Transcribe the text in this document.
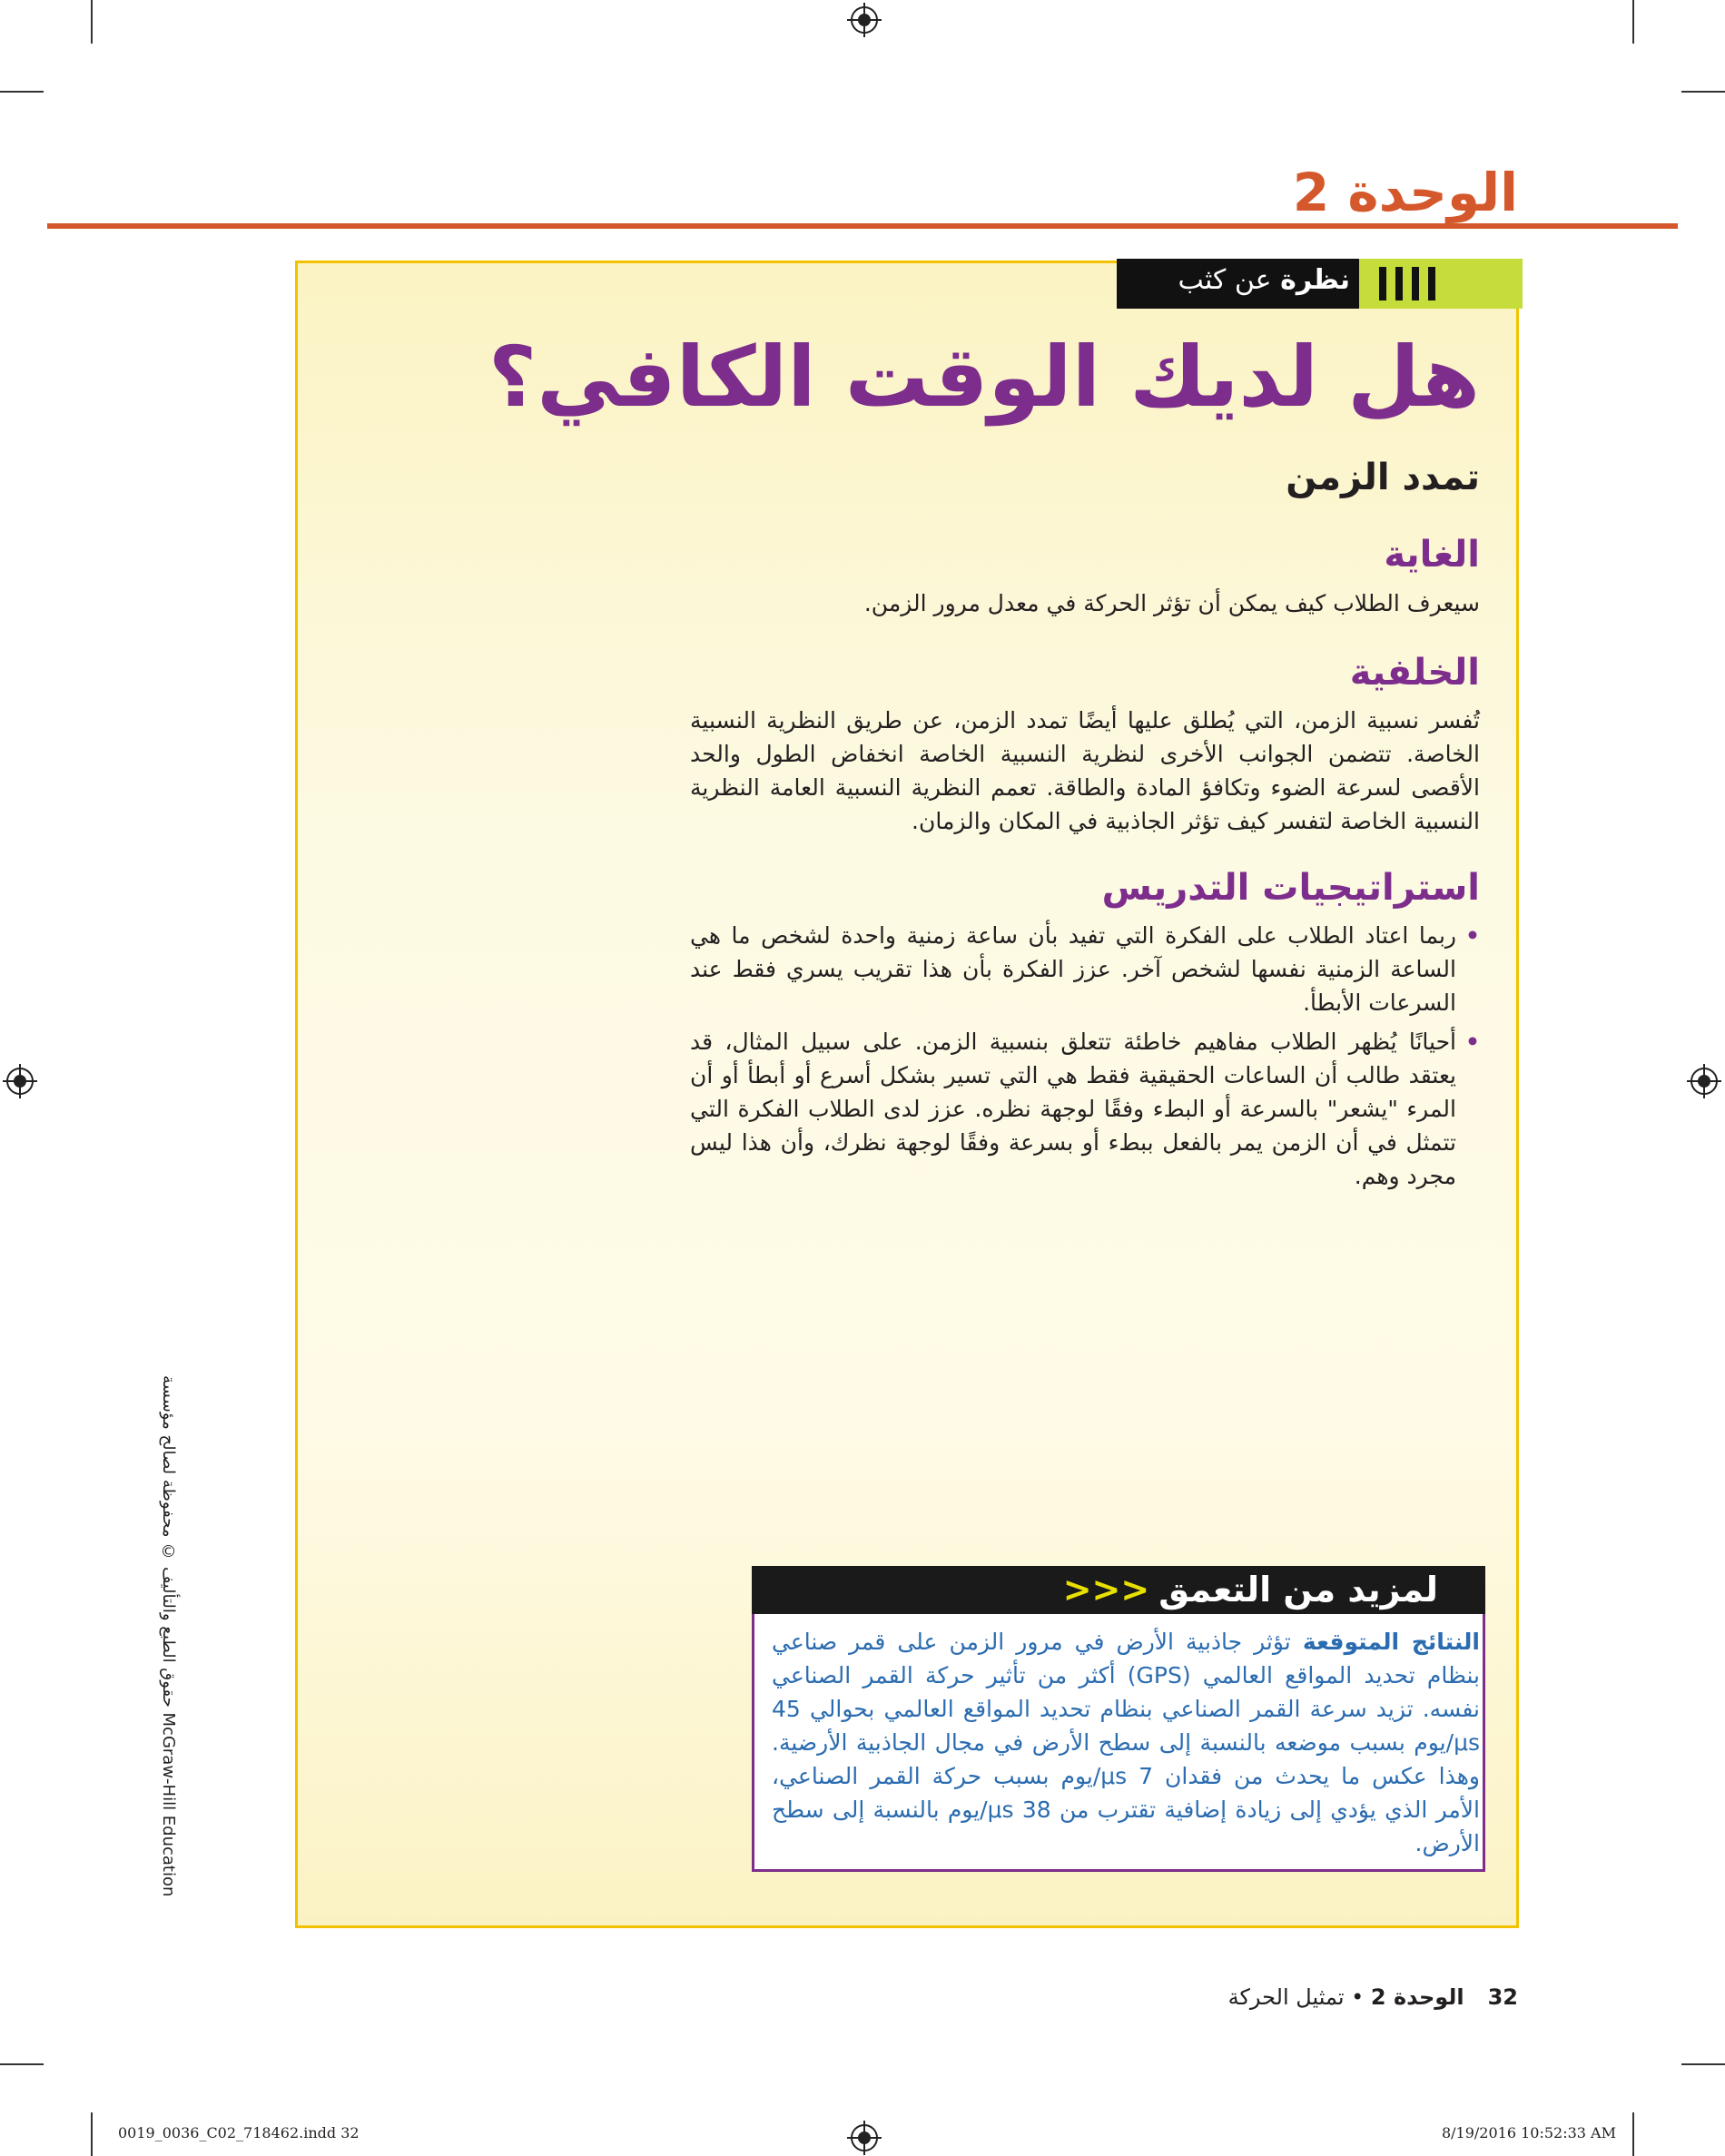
الوحدة 2
نظرة عن كثب
هل لديك الوقت الكافي؟
تمدد الزمن
الغاية
سيعرف الطلاب كيف يمكن أن تؤثر الحركة في معدل مرور الزمن.
الخلفية
تُفسر نسبية الزمن، التي يُطلق عليها أيضًا تمدد الزمن، عن طريق النظرية النسبية الخاصة. تتضمن الجوانب الأخرى لنظرية النسبية الخاصة انخفاض الطول والحد الأقصى لسرعة الضوء وتكافؤ المادة والطاقة. تعمم النظرية النسبية العامة النظرية النسبية الخاصة لتفسر كيف تؤثر الجاذبية في المكان والزمان.
استراتيجيات التدريس
•
ربما اعتاد الطلاب على الفكرة التي تفيد بأن ساعة زمنية واحدة لشخص ما هي الساعة الزمنية نفسها لشخص آخر. عزز الفكرة بأن هذا تقريب يسري فقط عند السرعات الأبطأ.
•
أحيانًا يُظهر الطلاب مفاهيم خاطئة تتعلق بنسبية الزمن. على سبيل المثال، قد يعتقد طالب أن الساعات الحقيقية فقط هي التي تسير بشكل أسرع أو أبطأ أو أن المرء "يشعر" بالسرعة أو البطء وفقًا لوجهة نظره. عزز لدى الطلاب الفكرة التي تتمثل في أن الزمن يمر بالفعل ببطء أو بسرعة وفقًا لوجهة نظرك، وأن هذا ليس مجرد وهم.
حقوق الطبع والتأليف © محفوظة لصالح مؤسسة McGraw-Hill Education
لمزيد من التعمق<<<
النتائج المتوقعة تؤثر جاذبية الأرض في مرور الزمن على قمر صناعي بنظام تحديد المواقع العالمي (GPS) أكثر من تأثير حركة القمر الصناعي نفسه. تزيد سرعة القمر الصناعي بنظام تحديد المواقع العالمي بحوالي 45 μs/يوم بسبب موضعه بالنسبة إلى سطح الأرض في مجال الجاذبية الأرضية. وهذا عكس ما يحدث من فقدان 7 μs/يوم بسبب حركة القمر الصناعي، الأمر الذي يؤدي إلى زيادة إضافية تقترب من 38 μs/يوم بالنسبة إلى سطح الأرض.
32الوحدة 2 • تمثيل الحركة
0019_0036_C02_718462.indd 32	8/19/2016 10:52:33 AM
